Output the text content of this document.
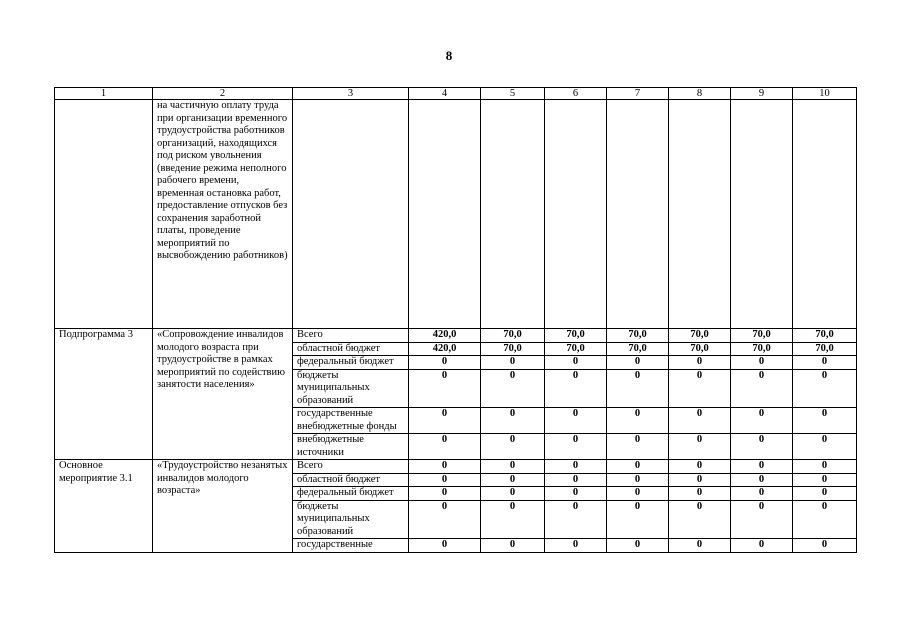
8
1	2	3	4	5	6	7	8	9	10
	на частичную оплату труда при организации временного трудоустройства работников организаций, находящихся под риском увольнения (введение режима неполного рабочего времени, временная остановка работ, предоставление отпусков без сохранения заработной платы, проведение мероприятий по высвобождению работников)								
Подпрограмма 3	«Сопровождение инвалидов молодого возраста при трудоустройстве в рамках мероприятий по содействию занятости населения»	Всего	420,0	70,0	70,0	70,0	70,0	70,0	70,0
		областной бюджет	420,0	70,0	70,0	70,0	70,0	70,0	70,0
		федеральный бюджет	0	0	0	0	0	0	0
		бюджеты муниципальных образований	0	0	0	0	0	0	0
		государственные внебюджетные фонды	0	0	0	0	0	0	0
		внебюджетные источники	0	0	0	0	0	0	0
Основное мероприятие 3.1	«Трудоустройство незанятых инвалидов молодого возраста»	Всего	0	0	0	0	0	0	0
		областной бюджет	0	0	0	0	0	0	0
		федеральный бюджет	0	0	0	0	0	0	0
		бюджеты муниципальных образований	0	0	0	0	0	0	0
		государственные	0	0	0	0	0	0	0
